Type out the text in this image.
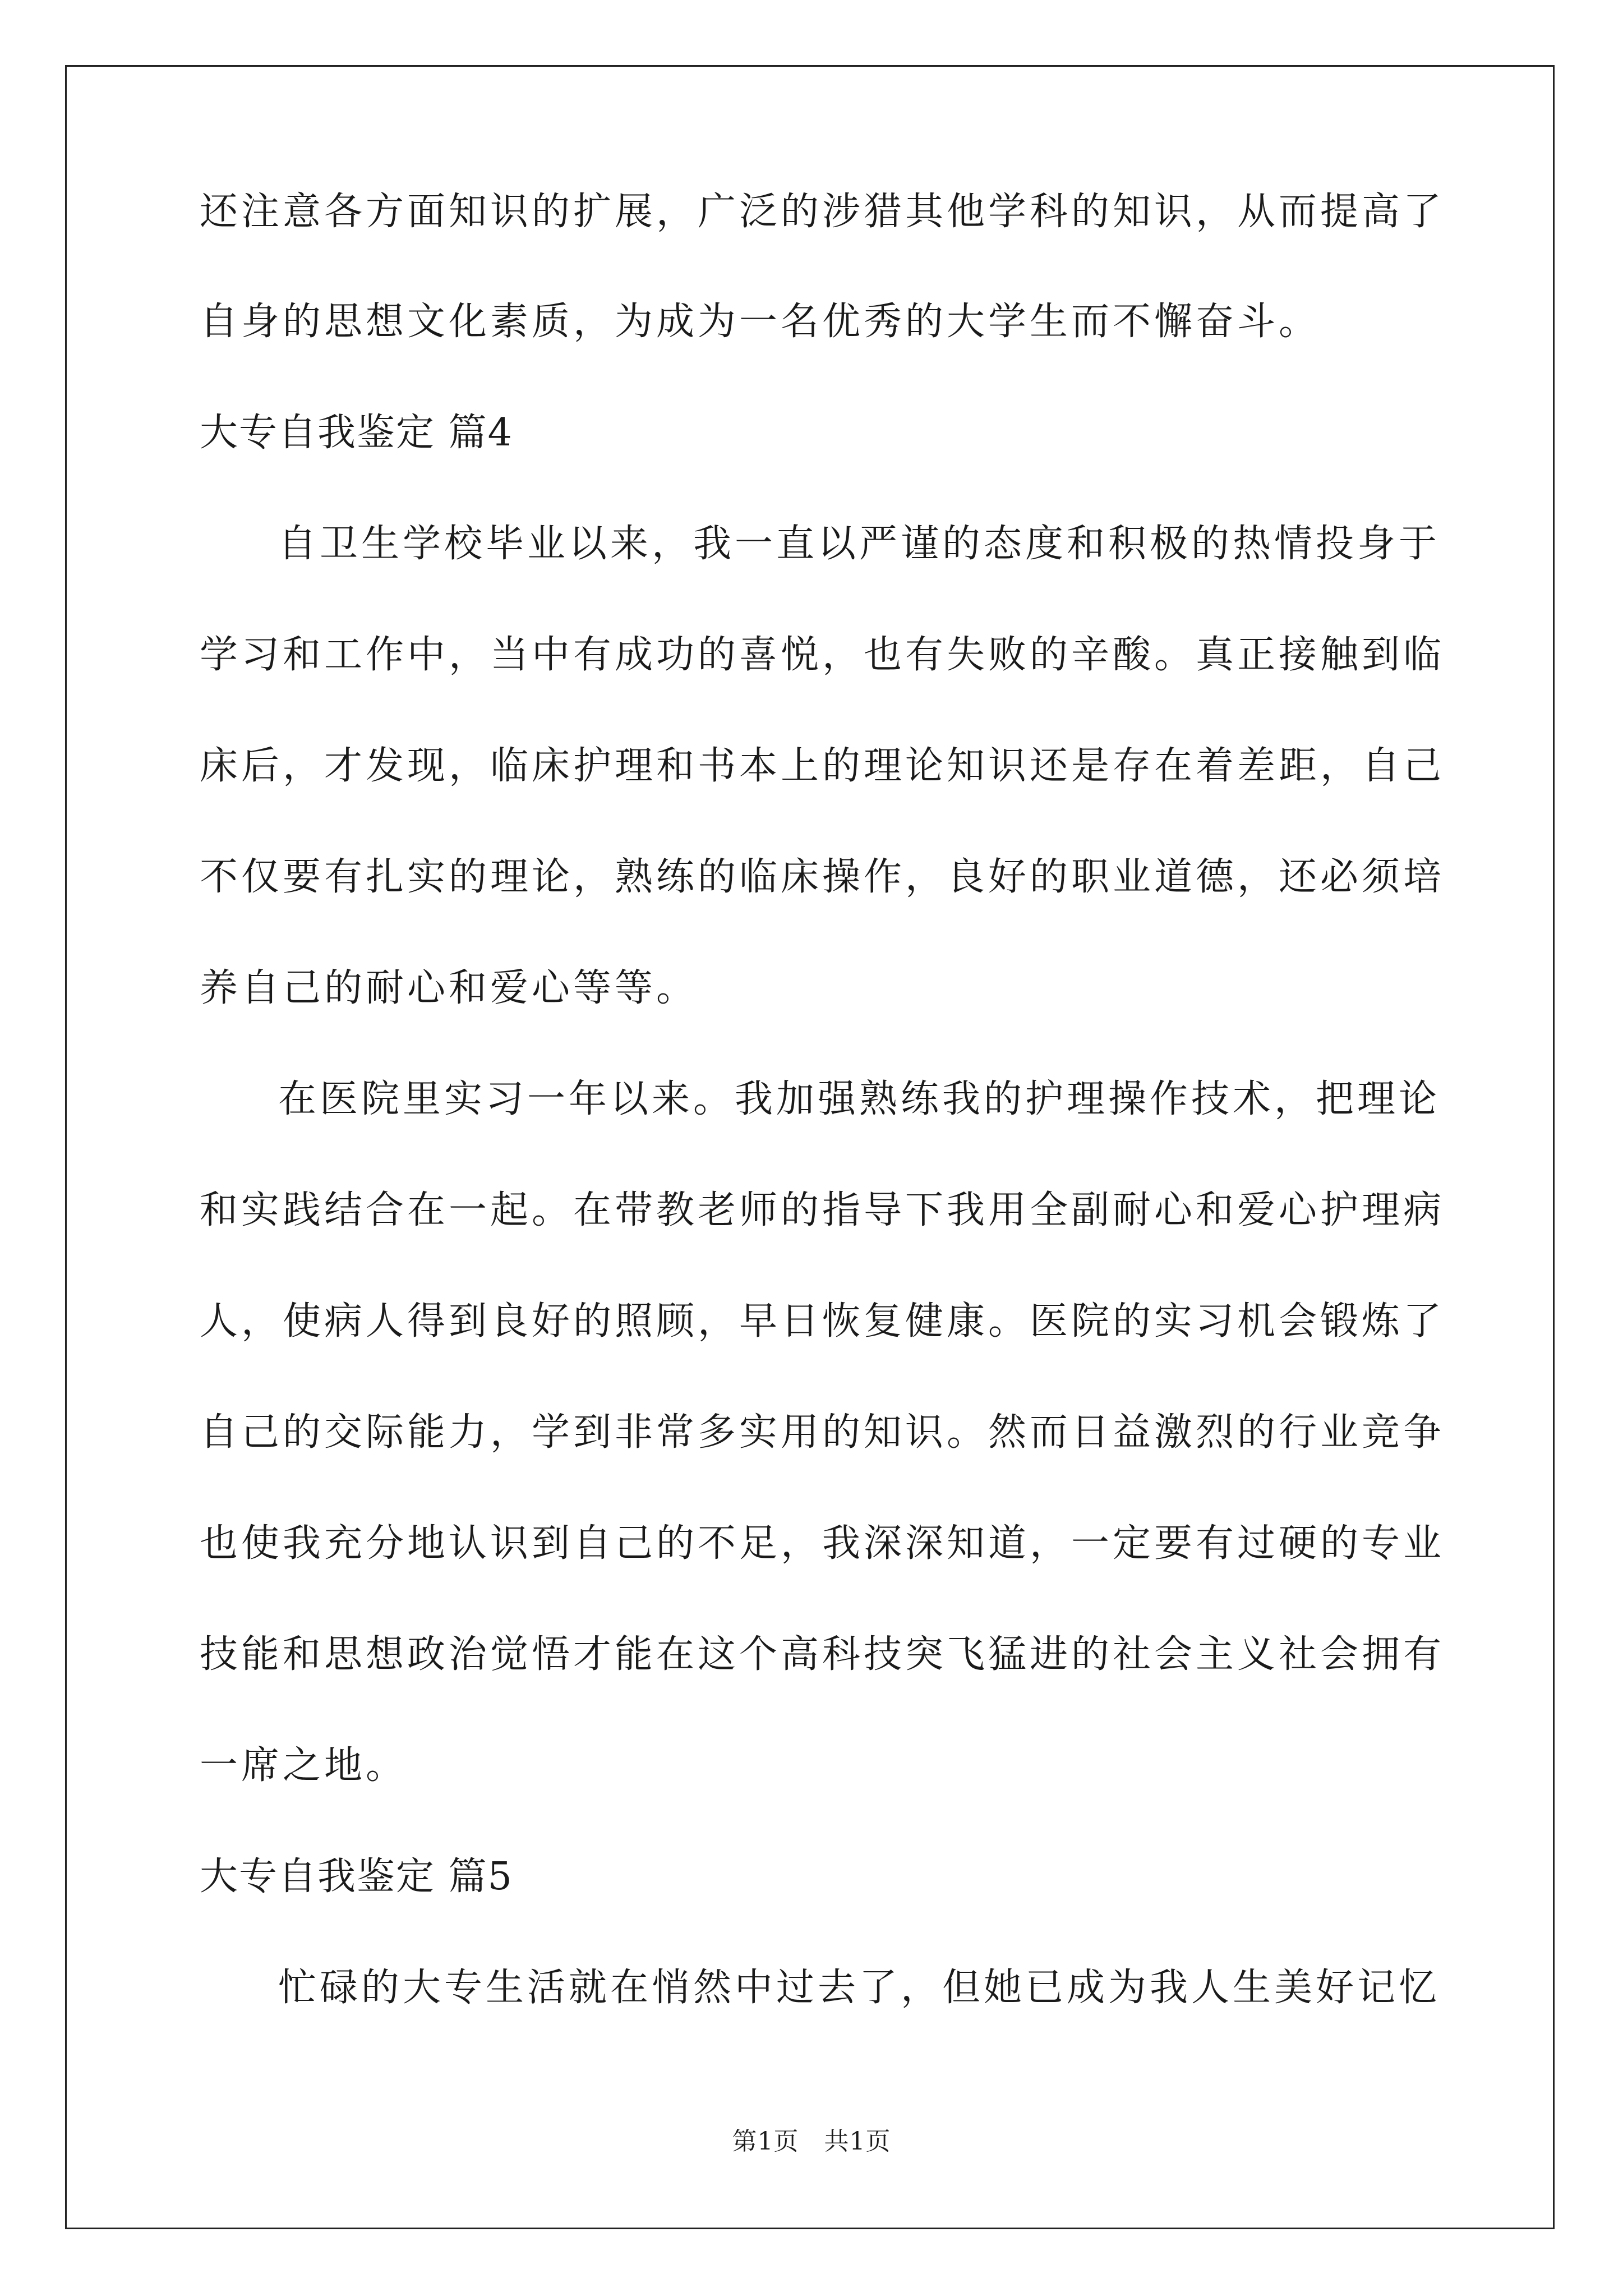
还注意各方面知识的扩展，广泛的涉猎其他学科的知识，从而提高了
自身的思想文化素质，为成为一名优秀的大学生而不懈奋斗。
大专自我鉴定 篇4
自卫生学校毕业以来，我一直以严谨的态度和积极的热情投身于
学习和工作中，当中有成功的喜悦，也有失败的辛酸。真正接触到临
床后，才发现，临床护理和书本上的理论知识还是存在着差距，自己
不仅要有扎实的理论，熟练的临床操作，良好的职业道德，还必须培
养自己的耐心和爱心等等。
在医院里实习一年以来。我加强熟练我的护理操作技术，把理论
和实践结合在一起。在带教老师的指导下我用全副耐心和爱心护理病
人，使病人得到良好的照顾，早日恢复健康。医院的实习机会锻炼了
自己的交际能力，学到非常多实用的知识。然而日益激烈的行业竞争
也使我充分地认识到自己的不足，我深深知道，一定要有过硬的专业
技能和思想政治觉悟才能在这个高科技突飞猛进的社会主义社会拥有
一席之地。
大专自我鉴定 篇5
忙碌的大专生活就在悄然中过去了，但她已成为我人生美好记忆
第1页　共1页
